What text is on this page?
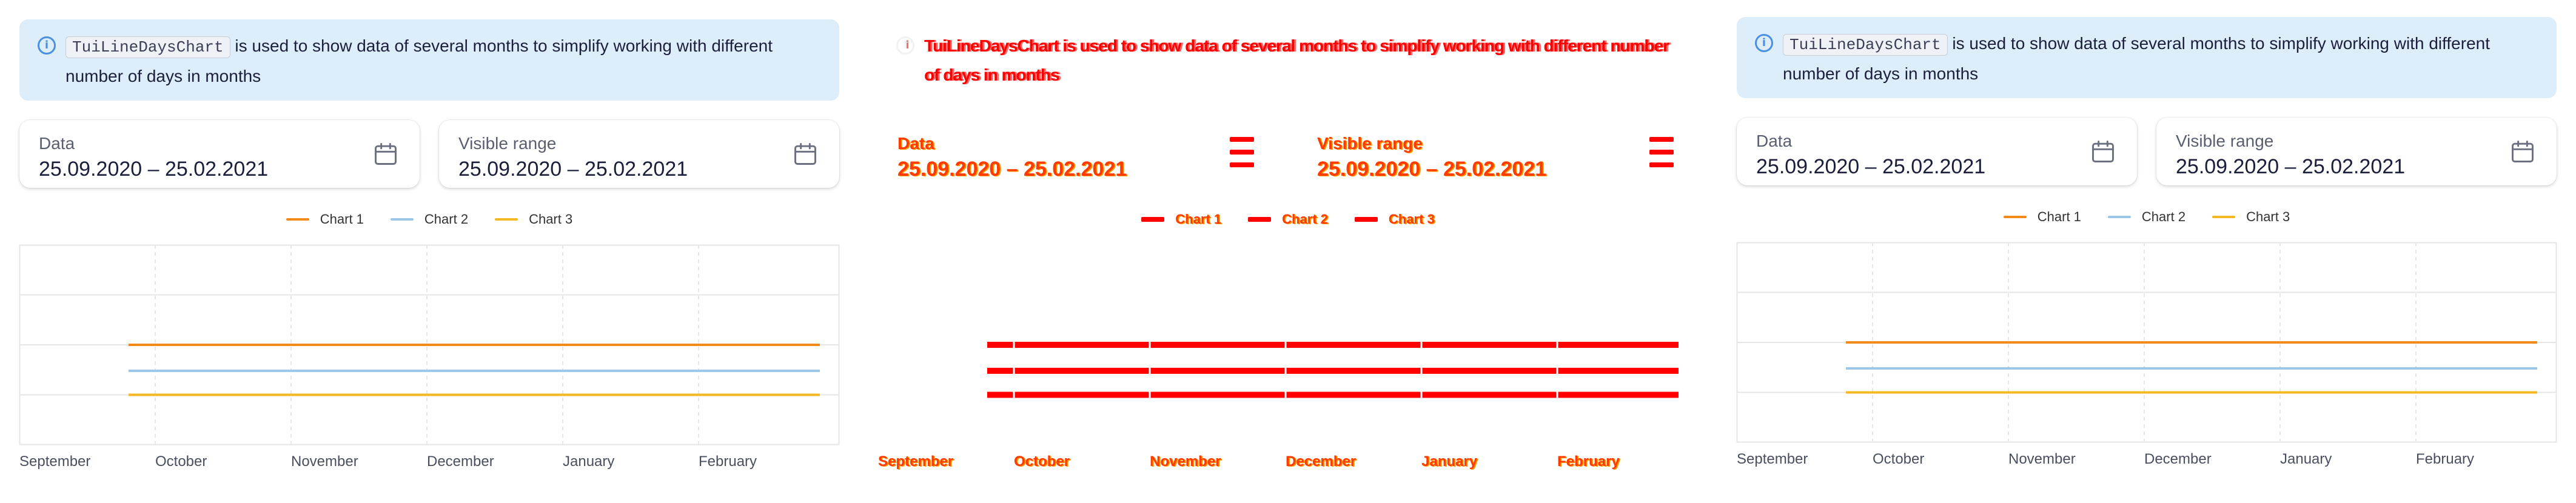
i	TuiLineDaysChart is used to show data of several months to simplify working with different number of days in months
Data
25.09.2020 – 25.02.2021
Visible range
25.09.2020 – 25.02.2021
Chart 1	Chart 2	Chart 3
September	October	November	December	January	February
i	TuiLineDaysChart is used to show data of several months to simplify working with different number of days in months
Data
25.09.2020 – 25.02.2021
Visible range
25.09.2020 – 25.02.2021
Chart 1	Chart 2	Chart 3
September	October	November	December	January	February
i	TuiLineDaysChart is used to show data of several months to simplify working with different number of days in months
Data
25.09.2020 – 25.02.2021
Visible range
25.09.2020 – 25.02.2021
Chart 1	Chart 2	Chart 3
September	October	November	December	January	February
